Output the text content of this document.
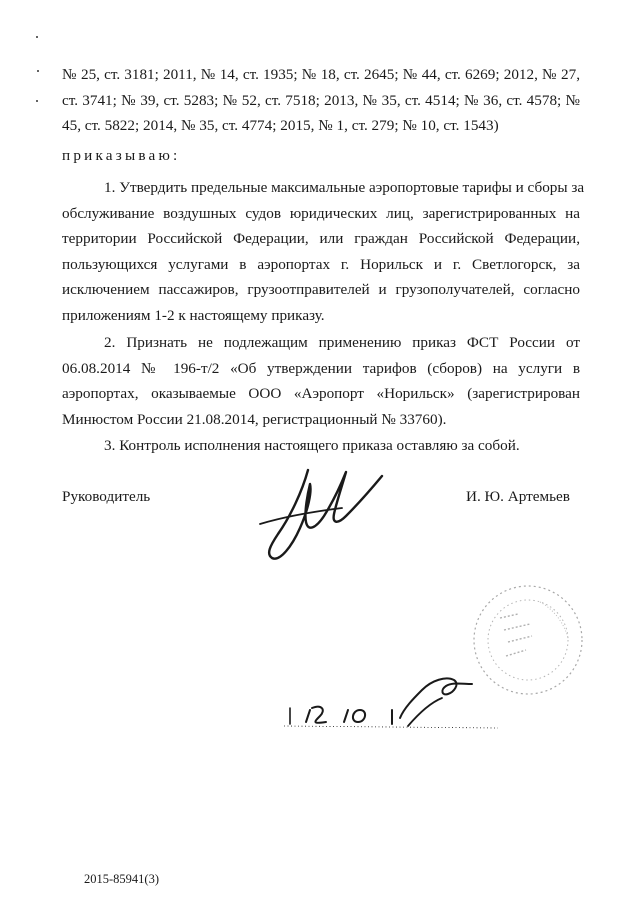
№ 25, ст. 3181; 2011, № 14, ст. 1935; № 18, ст. 2645; № 44, ст. 6269; 2012, № 27,
ст. 3741; № 39, ст. 5283; № 52, ст. 7518; 2013, № 35, ст. 4514; № 36, ст. 4578; №
45, ст. 5822; 2014, № 35, ст. 4774; 2015, № 1, ст. 279; № 10, ст. 1543)
приказываю:
1. Утвердить предельные максимальные аэропортовые тарифы и сборы за
обслуживание воздушных судов юридических лиц, зарегистрированных на
территории Российской Федерации, или граждан Российской Федерации,
пользующихся услугами в аэропортах г. Норильск и г. Светлогорск, за
исключением пассажиров, грузоотправителей и грузополучателей, согласно
приложениям 1-2 к настоящему приказу.
2. Признать не подлежащим применению приказ ФСТ России от
06.08.2014 № 196-т/2 «Об утверждении тарифов (сборов) на услуги в
аэропортах, оказываемые ООО «Аэропорт «Норильск» (зарегистрирован
Минюстом России 21.08.2014, регистрационный № 33760).
3. Контроль исполнения настоящего приказа оставляю за собой.
Руководитель	И. Ю. Артемьев
2015-85941(3)
